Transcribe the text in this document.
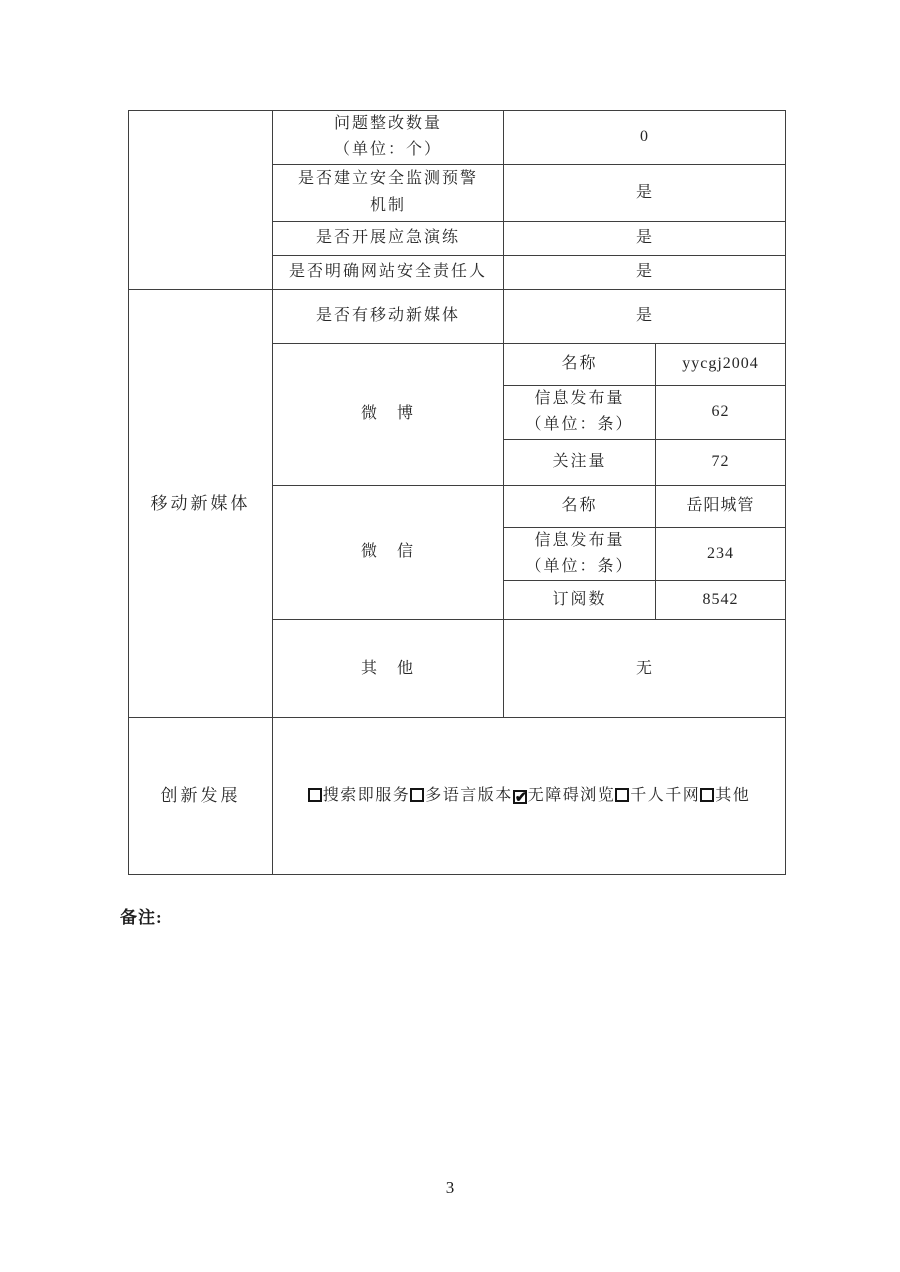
	问题整改数量
（单位：个）	0	

	是否建立安全监测预警
机制	是	
	是否开展应急演练	是	
	是否明确网站安全责任人	是	
移动新媒体	是否有移动新媒体	是	
	微　博	名称	yycgj2004

		信息发布量
（单位：条）	62
		关注量	72
	微　信	名称	岳阳城管

		信息发布量
（单位：条）	234
		订阅数	8542
	其　他	无	
创新发展	搜索即服务 多语言版本 ✔无障碍浏览 千人千网 其他		
备注:
3
